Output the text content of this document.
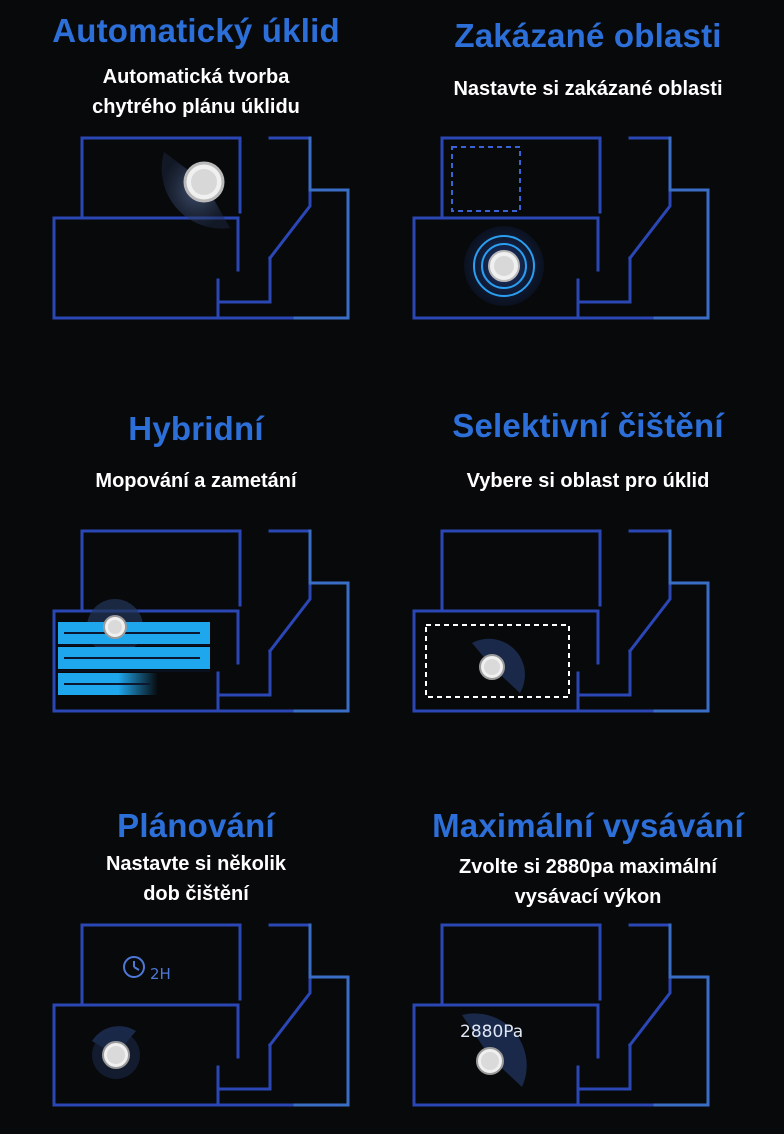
Automatický úklid

Automatická tvorba
chytrého plánu úklidu

Zakázané oblasti

Nastavte si zakázané oblasti

Hybridní

Mopování a zametání

Selektivní čištění

Vybere si oblast pro úklid

Plánování

Nastavte si několik
dob čištění

2H
Maximální vysávání

Zvolte si 2880pa maximální
vysávací výkon

2880Pa
